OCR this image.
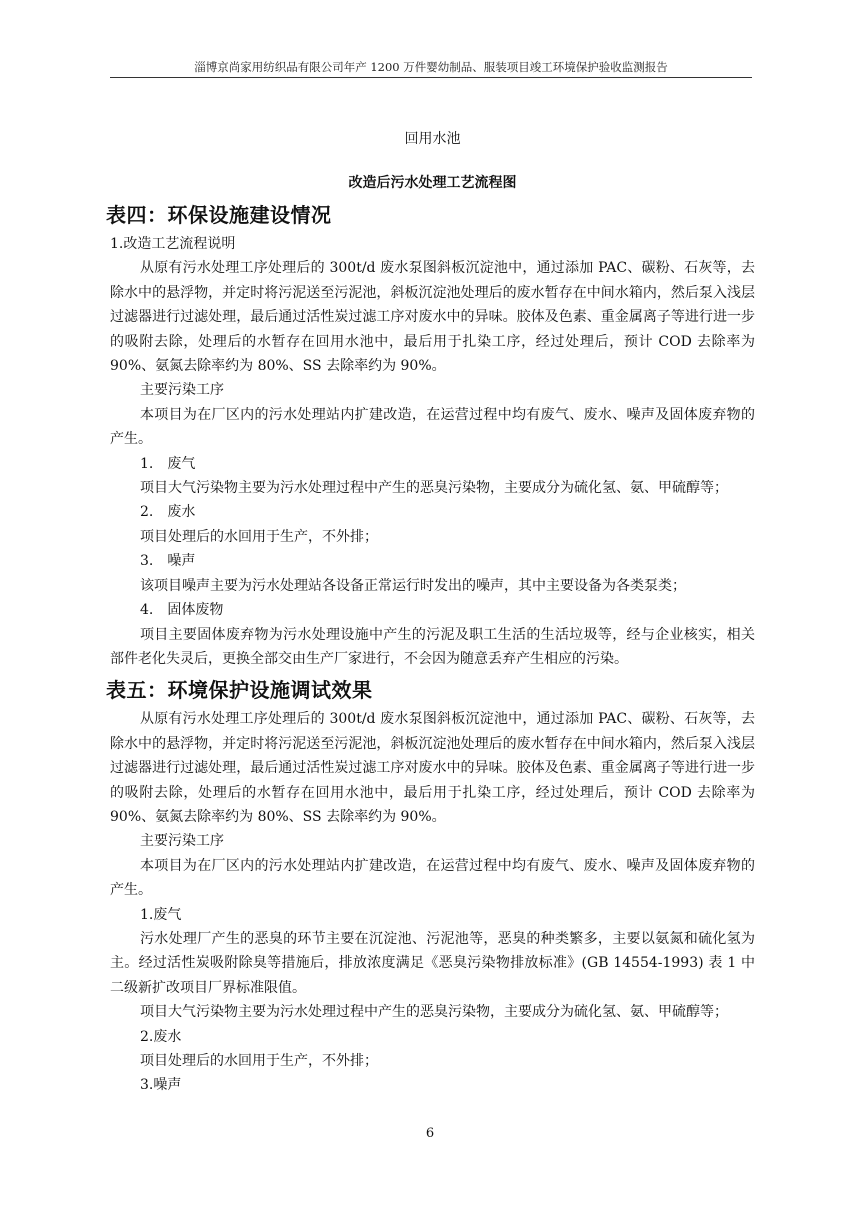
淄博京尚家用纺织品有限公司年产 1200 万件婴幼制品、服装项目竣工环境保护验收监测报告

回用水池

改造后污水处理工艺流程图

表四：环保设施建设情况

1.改造工艺流程说明

从原有污水处理工序处理后的 300t/d 废水泵图斜板沉淀池中，通过添加 PAC、碳粉、石灰等，去除水中的悬浮物，并定时将污泥送至污泥池，斜板沉淀池处理后的废水暂存在中间水箱内，然后泵入浅层过滤器进行过滤处理，最后通过活性炭过滤工序对废水中的异味。胶体及色素、重金属离子等进行进一步的吸附去除，处理后的水暂存在回用水池中，最后用于扎染工序，经过处理后，预计 COD 去除率为 90%、氨氮去除率约为 80%、SS 去除率约为 90%。

主要污染工序

本项目为在厂区内的污水处理站内扩建改造，在运营过程中均有废气、废水、噪声及固体废弃物的产生。

1.　废气

项目大气污染物主要为污水处理过程中产生的恶臭污染物，主要成分为硫化氢、氨、甲硫醇等；

2.　废水

项目处理后的水回用于生产，不外排；

3.　噪声

该项目噪声主要为污水处理站各设备正常运行时发出的噪声，其中主要设备为各类泵类；

4.　固体废物

项目主要固体废弃物为污水处理设施中产生的污泥及职工生活的生活垃圾等，经与企业核实，相关部件老化失灵后，更换全部交由生产厂家进行，不会因为随意丢弃产生相应的污染。

表五：环境保护设施调试效果

从原有污水处理工序处理后的 300t/d 废水泵图斜板沉淀池中，通过添加 PAC、碳粉、石灰等，去除水中的悬浮物，并定时将污泥送至污泥池，斜板沉淀池处理后的废水暂存在中间水箱内，然后泵入浅层过滤器进行过滤处理，最后通过活性炭过滤工序对废水中的异味。胶体及色素、重金属离子等进行进一步的吸附去除，处理后的水暂存在回用水池中，最后用于扎染工序，经过处理后，预计 COD 去除率为 90%、氨氮去除率约为 80%、SS 去除率约为 90%。

主要污染工序

本项目为在厂区内的污水处理站内扩建改造，在运营过程中均有废气、废水、噪声及固体废弃物的产生。

1.废气

污水处理厂产生的恶臭的环节主要在沉淀池、污泥池等，恶臭的种类繁多，主要以氨氮和硫化氢为主。经过活性炭吸附除臭等措施后，排放浓度满足《恶臭污染物排放标准》(GB 14554-1993) 表 1 中二级新扩改项目厂界标准限值。

项目大气污染物主要为污水处理过程中产生的恶臭污染物，主要成分为硫化氢、氨、甲硫醇等；

2.废水

项目处理后的水回用于生产，不外排；

3.噪声

6
